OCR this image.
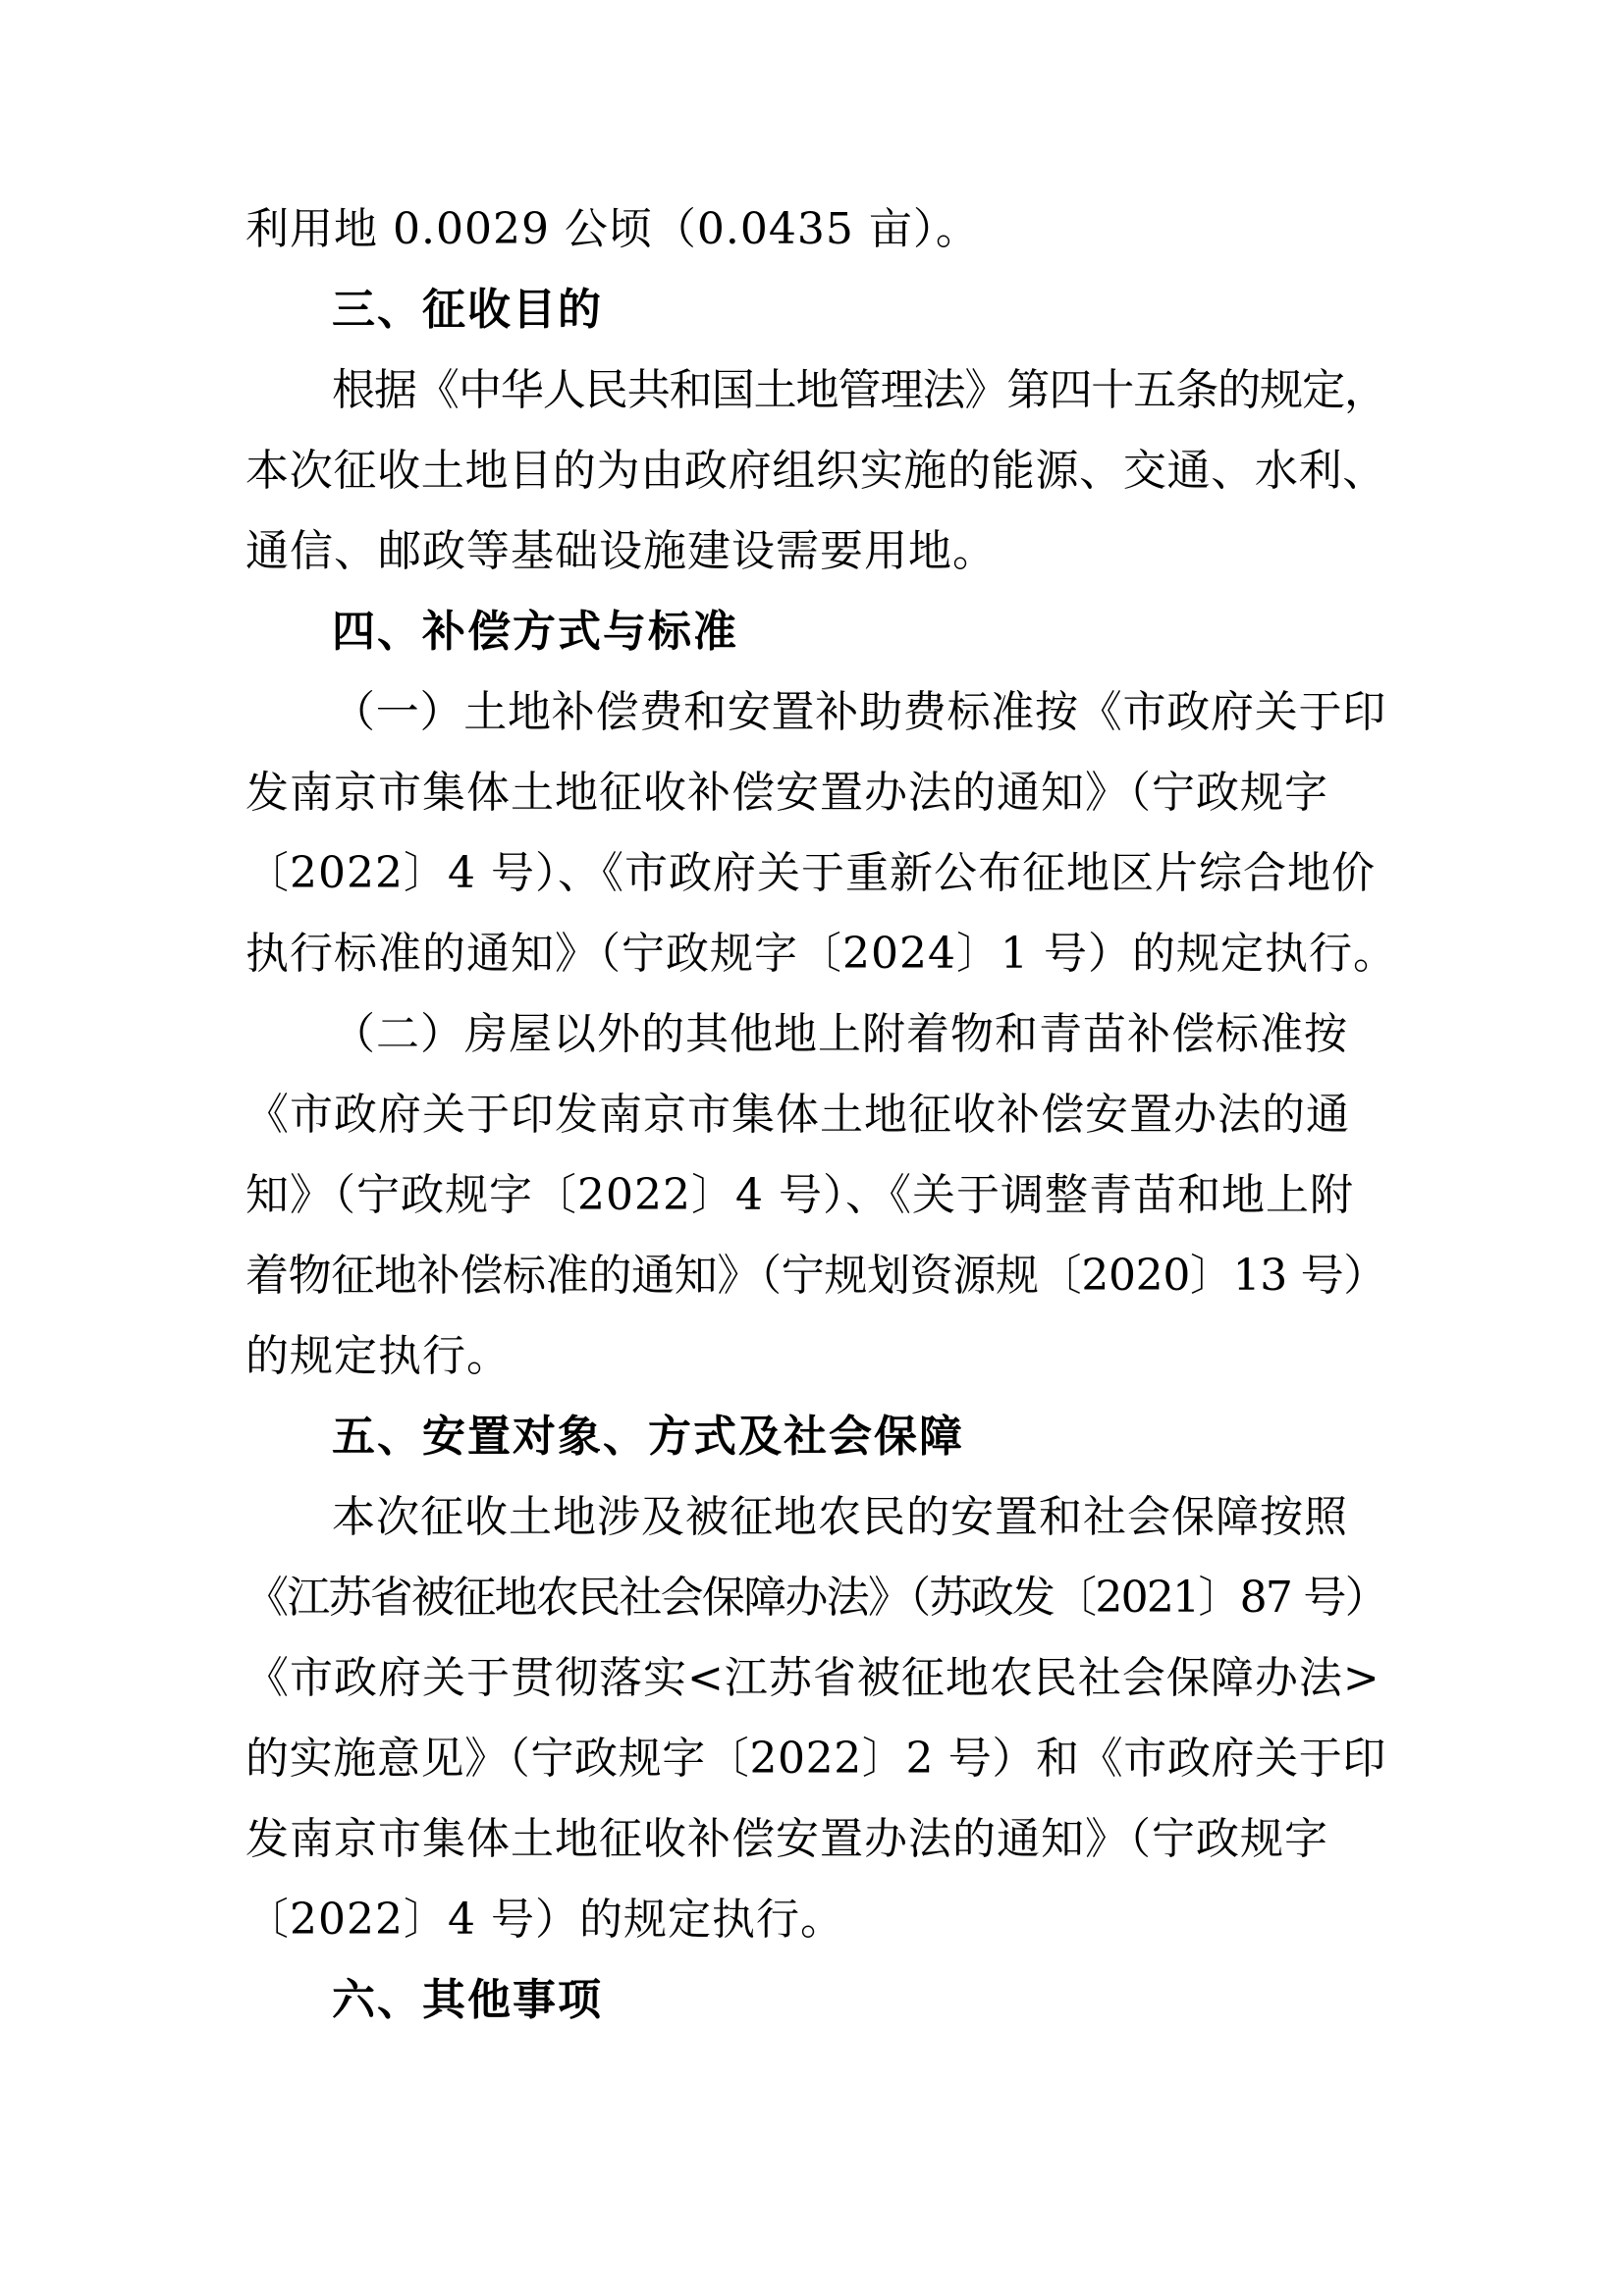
利用地 0.0029 公顷（0.0435 亩）。
三、征收目的
根据《中华人民共和国土地管理法》第四十五条的规定，
本次征收土地目的为由政府组织实施的能源、交通、水利、
通信、邮政等基础设施建设需要用地。
四、补偿方式与标准
（一）土地补偿费和安置补助费标准按《市政府关于印
发南京市集体土地征收补偿安置办法的通知》（宁政规字
〔2022〕4 号）、《市政府关于重新公布征地区片综合地价
执行标准的通知》（宁政规字〔2024〕1 号）的规定执行。
（二）房屋以外的其他地上附着物和青苗补偿标准按
《市政府关于印发南京市集体土地征收补偿安置办法的通
知》（宁政规字〔2022〕4 号）、《关于调整青苗和地上附
着物征地补偿标准的通知》（宁规划资源规〔2020〕13 号）
的规定执行。
五、安置对象、方式及社会保障
本次征收土地涉及被征地农民的安置和社会保障按照
《江苏省被征地农民社会保障办法》（苏政发〔2021〕87 号）
《市政府关于贯彻落实<江苏省被征地农民社会保障办法>
的实施意见》（宁政规字〔2022〕2 号）和《市政府关于印
发南京市集体土地征收补偿安置办法的通知》（宁政规字
〔2022〕4 号）的规定执行。
六、其他事项
